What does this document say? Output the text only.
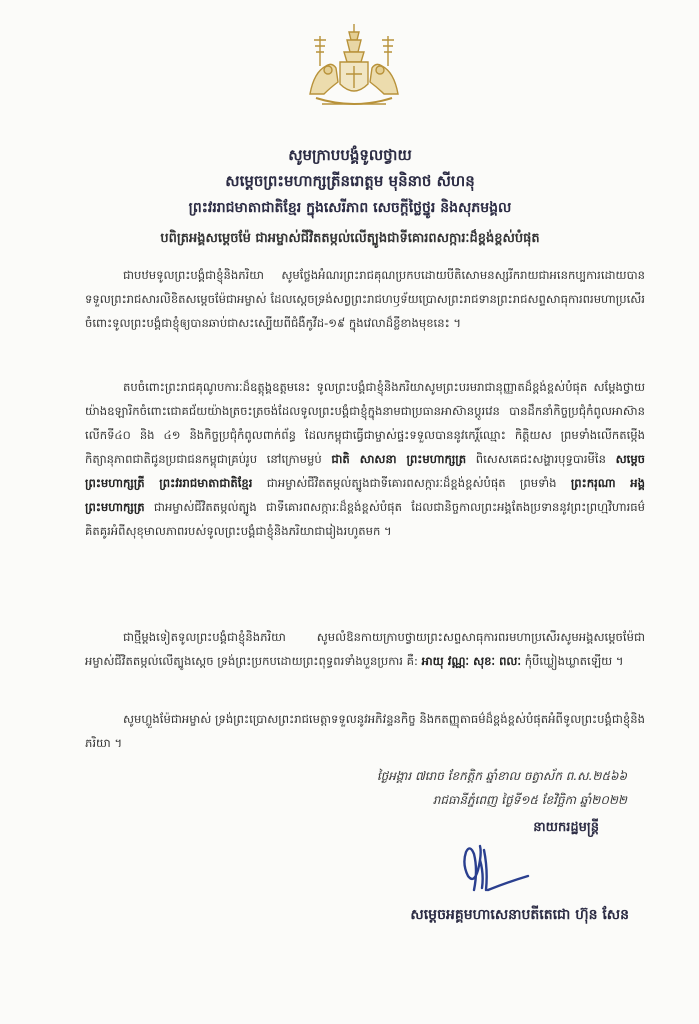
សូមក្រាបបង្គំទូលថ្វាយ
សម្តេចព្រះមហាក្សត្រីនរោត្តម មុនិនាថ សីហនុ
ព្រះវររាជមាតាជាតិខ្មែរ ក្នុងសេរីភាព សេចក្តីថ្លៃថ្នូរ និងសុភមង្គល
បពិត្រអង្គសម្តេចម៉ែ ជាអម្ចាស់ជីវិតតម្កល់លើត្បូងជាទីគោរពសក្ការៈដ៏ខ្ពង់ខ្ពស់បំផុត
ជាបឋមទូលព្រះបង្គំជាខ្ញុំនិងភរិយា សូមថ្លែងអំណរព្រះរាជគុណប្រកបដោយបីតិសោមនស្សរីករាយជាអនេកប្បការដោយបានទទួលព្រះរាជសារលិខិតសម្តេចម៉ែជាអម្ចាស់ ដែលស្តេចទ្រង់សព្វព្រះរាជហឫទ័យប្រោសព្រះរាជទានព្រះរាជសព្ទសាធុការពរមហាប្រសើរចំពោះទូលព្រះបង្គំជាខ្ញុំឲ្យបានឆាប់ជាសះស្បើយពីជំងឺកូវីដ-១៩ ក្នុងវេលាដ៏ខ្លីខាងមុខនេះ ។
តបចំពោះព្រះរាជគុណូបការៈដ៏ឧត្តុង្គឧត្តមនេះ ទូលព្រះបង្គំជាខ្ញុំនិងភរិយាសូមព្រះបរមរាជានុញ្ញាតដ៏ខ្ពង់ខ្ពស់បំផុត សម្តែងថ្វាយយ៉ាងឧឡារិកចំពោះជោគជ័យយ៉ាងត្រចះត្រចង់ដែលទូលព្រះបង្គំជាខ្ញុំក្នុងនាមជាប្រធានអាស៊ានប្តូរវេន បានដឹកនាំកិច្ចប្រជុំកំពូលអាស៊ានលើកទី៤០ និង ៤១ និងកិច្ចប្រជុំកំពូលពាក់ព័ន្ធ ដែលកម្ពុជាធ្វើជាម្ចាស់ផ្ទះទទួលបាននូវកេរ្តិ៍ឈ្មោះ កិត្តិយស ព្រមទាំងលើកតម្កើងកិត្យានុភាពជាតិជូនប្រជាជនកម្ពុជាគ្រប់រូប នៅក្រោមម្លប់ ជាតិ សាសនា ព្រះមហាក្សត្រ ពិសេសគេជះសង្ហារបុទ្ធបារមីនៃ សម្តេចព្រះមហាក្សត្រី ព្រះវររាជមាតាជាតិខ្មែរ ជាអម្ចាស់ជីវិតតម្កល់ត្បូងជាទីគោរពសក្ការៈដ៏ខ្ពង់ខ្ពស់បំផុត ព្រមទាំង ព្រះករុណា អង្គព្រះមហាក្សត្រ ជាអម្ចាស់ជីវិតតម្កល់ត្បូង ជាទីគោរពសក្ការៈដ៏ខ្ពង់ខ្ពស់បំផុត ដែលជានិច្ចកាលព្រះអង្គតែងប្រទាននូវព្រះព្រហ្មវិហារធម៌គិតគូរអំពីសុខុមាលភាពរបស់ទូលព្រះបង្គំជាខ្ញុំនិងភរិយាជារៀងរហូតមក ។
ជាថ្មីម្តងទៀតទូលព្រះបង្គំជាខ្ញុំនិងភរិយា សូមលំឱនកាយក្រាបថ្វាយព្រះសព្ទសាធុការពរមហាប្រសើរសូមអង្គសម្តេចម៉ែជាអម្ចាស់ជីវិតតម្កល់លើត្បូងស្តេច ទ្រង់ព្រះប្រកបដោយព្រះពុទ្ធពរទាំងបួនប្រការ គឺ: អាយុ វណ្ណៈ សុខៈ ពលៈ កុំបីឃ្លៀងឃ្លាតឡើយ ។
សូមហ្លួងម៉ែជាអម្ចាស់ ទ្រង់ព្រះប្រោសព្រះរាជមេត្តាទទួលនូវអភិវន្ទនកិច្ច និងកតញ្ញុតាធម៌ដ៏ខ្ពង់ខ្ពស់បំផុតអំពីទូលព្រះបង្គំជាខ្ញុំនិងភរិយា ។
ថ្ងៃអង្គារ ៧រោច ខែកត្តិក ឆ្នាំខាល ចត្វាស័ក ព.ស.២៥៦៦
រាជធានីភ្នំពេញ ថ្ងៃទី១៥ ខែវិច្ឆិកា ឆ្នាំ២០២២
នាយករដ្ឋមន្ត្រី
សម្តេចអគ្គមហាសេនាបតីតេជោ ហ៊ុន សែន
